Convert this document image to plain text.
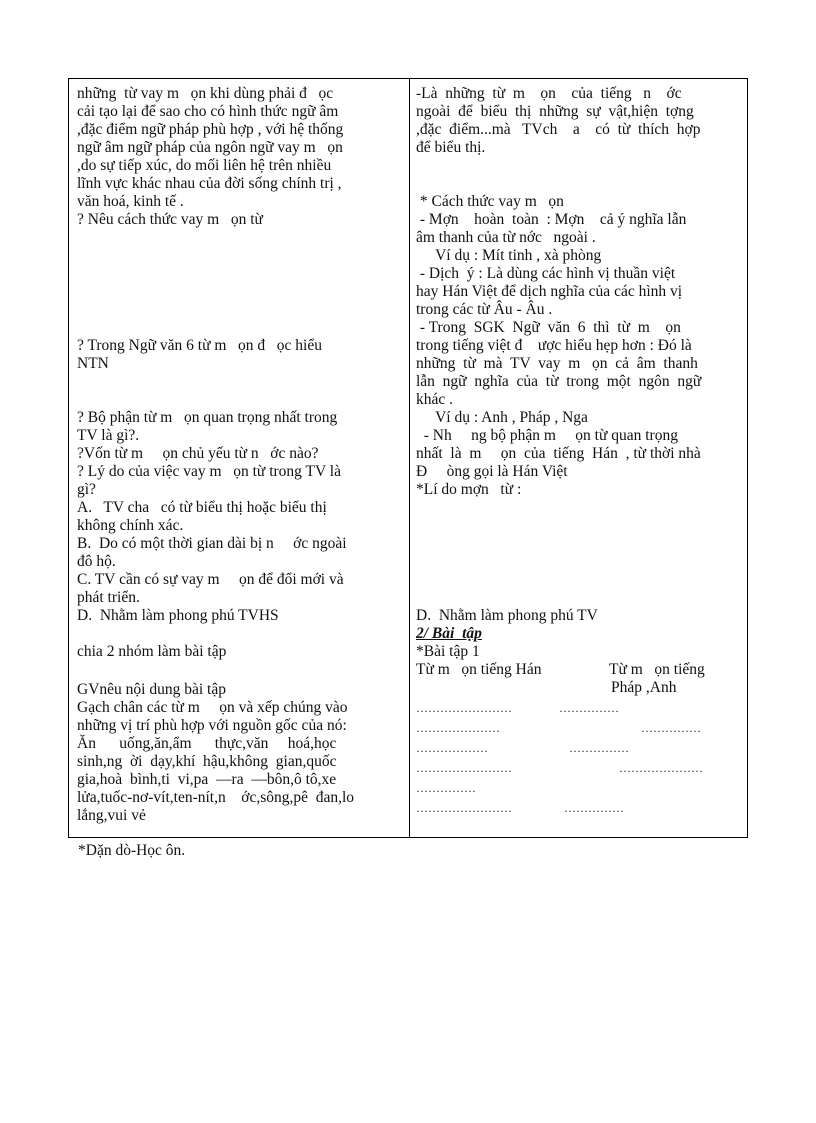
những  từ vay m   ọn khi dùng phải đ   ọc
cải tạo lại để sao cho có hình thức ngữ âm
,đặc điểm ngữ pháp phù hợp , với hệ thống
ngữ âm ngữ pháp của ngôn ngữ vay m   ọn
,do sự tiếp xúc, do mối liên hệ trên nhiều
lĩnh vực khác nhau của đời sống chính trị ,
văn hoá, kinh tế .
? Nêu cách thức vay m   ọn từ
? Trong Ngữ văn 6 từ m   ọn đ   ọc hiểu
NTN
? Bộ phận từ m   ọn quan trọng nhất trong
TV là gì?.
?Vốn từ m     ọn chủ yếu từ n   ớc nào?
? Lý do của việc vay m   ọn từ trong TV là
gì?
A.   TV cha   có từ biểu thị hoặc biểu thị
không chính xác.
B.  Do có một thời gian dài bị n     ớc ngoài
đô hộ.
C. TV cần có sự vay m     ọn để đổi mới và
phát triển.
D.  Nhằm làm phong phú TVHS
chia 2 nhóm làm bài tập
GVnêu nội dung bài tập
Gạch chân các từ m     ọn và xếp chúng vào
những vị trí phù hợp với nguồn gốc của nó:
Ăn      uống,ăn,ẩm      thực,văn     hoá,học
sinh,ng  ời  dạy,khí  hậu,không  gian,quốc
gia,hoà  bình,ti  vi,pa  —ra  —bôn,ô tô,xe
lửa,tuốc-nơ-vít,ten-nít,n    ớc,sông,pê  đan,lo
lắng,vui vẻ
-Là  những  từ  m    ọn    của  tiếng   n    ớc
ngoài  để  biểu  thị  những  sự  vật,hiện  tợng
,đặc  điểm...mà   TVch    a    có  từ  thích  hợp
để biểu thị.
* Cách thức vay m   ọn
- Mợn    hoàn  toàn  : Mợn    cả ý nghĩa lẫn
âm thanh của từ nớc   ngoài .
Ví dụ : Mít tinh , xà phòng
- Dịch  ý : Là dùng các hình vị thuần việt
hay Hán Việt để dịch nghĩa của các hình vị
trong các từ Âu - Âu .
- Trong  SGK  Ngữ  văn  6  thì  từ  m    ọn
trong tiếng việt đ    ược hiểu hẹp hơn : Đó là
những  từ  mà  TV  vay  m   ọn  cả  âm  thanh
lẫn  ngữ  nghĩa  của  từ  trong  một  ngôn  ngữ
khác .
Ví dụ : Anh , Pháp , Nga
- Nh     ng bộ phận m     ọn từ quan trọng
nhất  là  m     ọn  của  tiếng  Hán  , từ thời nhà
Đ     òng gọi là Hán Việt
*Lí do mợn   từ :
D.  Nhằm làm phong phú TV
2/ Bài  tập
*Bài tập 1
Từ m   ọn tiếng Hán	Từ m   ọn tiếng
Pháp ,Anh
……………………	……………
…………………	……………
………………	……………
……………………	…………………
……………
……………………	……………
*Dặn dò-Học ôn.
